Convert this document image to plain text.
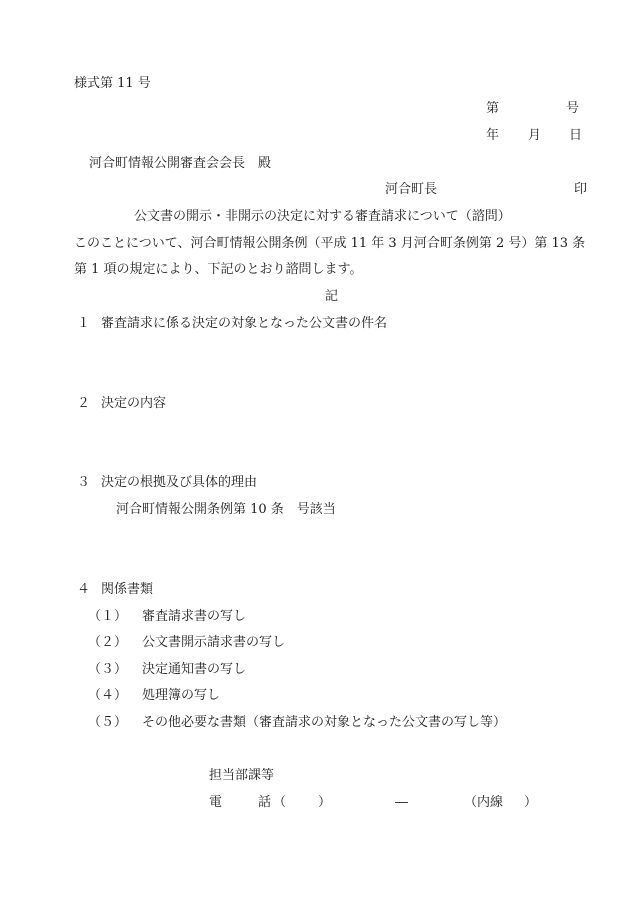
様式第 11 号
第	号
年 月 日
河合町情報公開審査会会長　殿
河合町長	印
公文書の開示・非開示の決定に対する審査請求について（諮問）
このことについて、河合町情報公開条例（平成 11 年 3 月河合町条例第 2 号）第 13 条
第 1 項の規定により、下記のとおり諮問します。
記
１ 審査請求に係る決定の対象となった公文書の件名
２ 決定の内容
３ 決定の根拠及び具体的理由
河合町情報公開条例第 10 条　号該当
４ 関係書類
（１） 審査請求書の写し
（２） 公文書開示請求書の写し
（３） 決定通知書の写し
（４） 処理簿の写し
（５） その他必要な書類（審査請求の対象となった公文書の写し等）
担当部課等
電	話 （ ）	―	（内線 ）
